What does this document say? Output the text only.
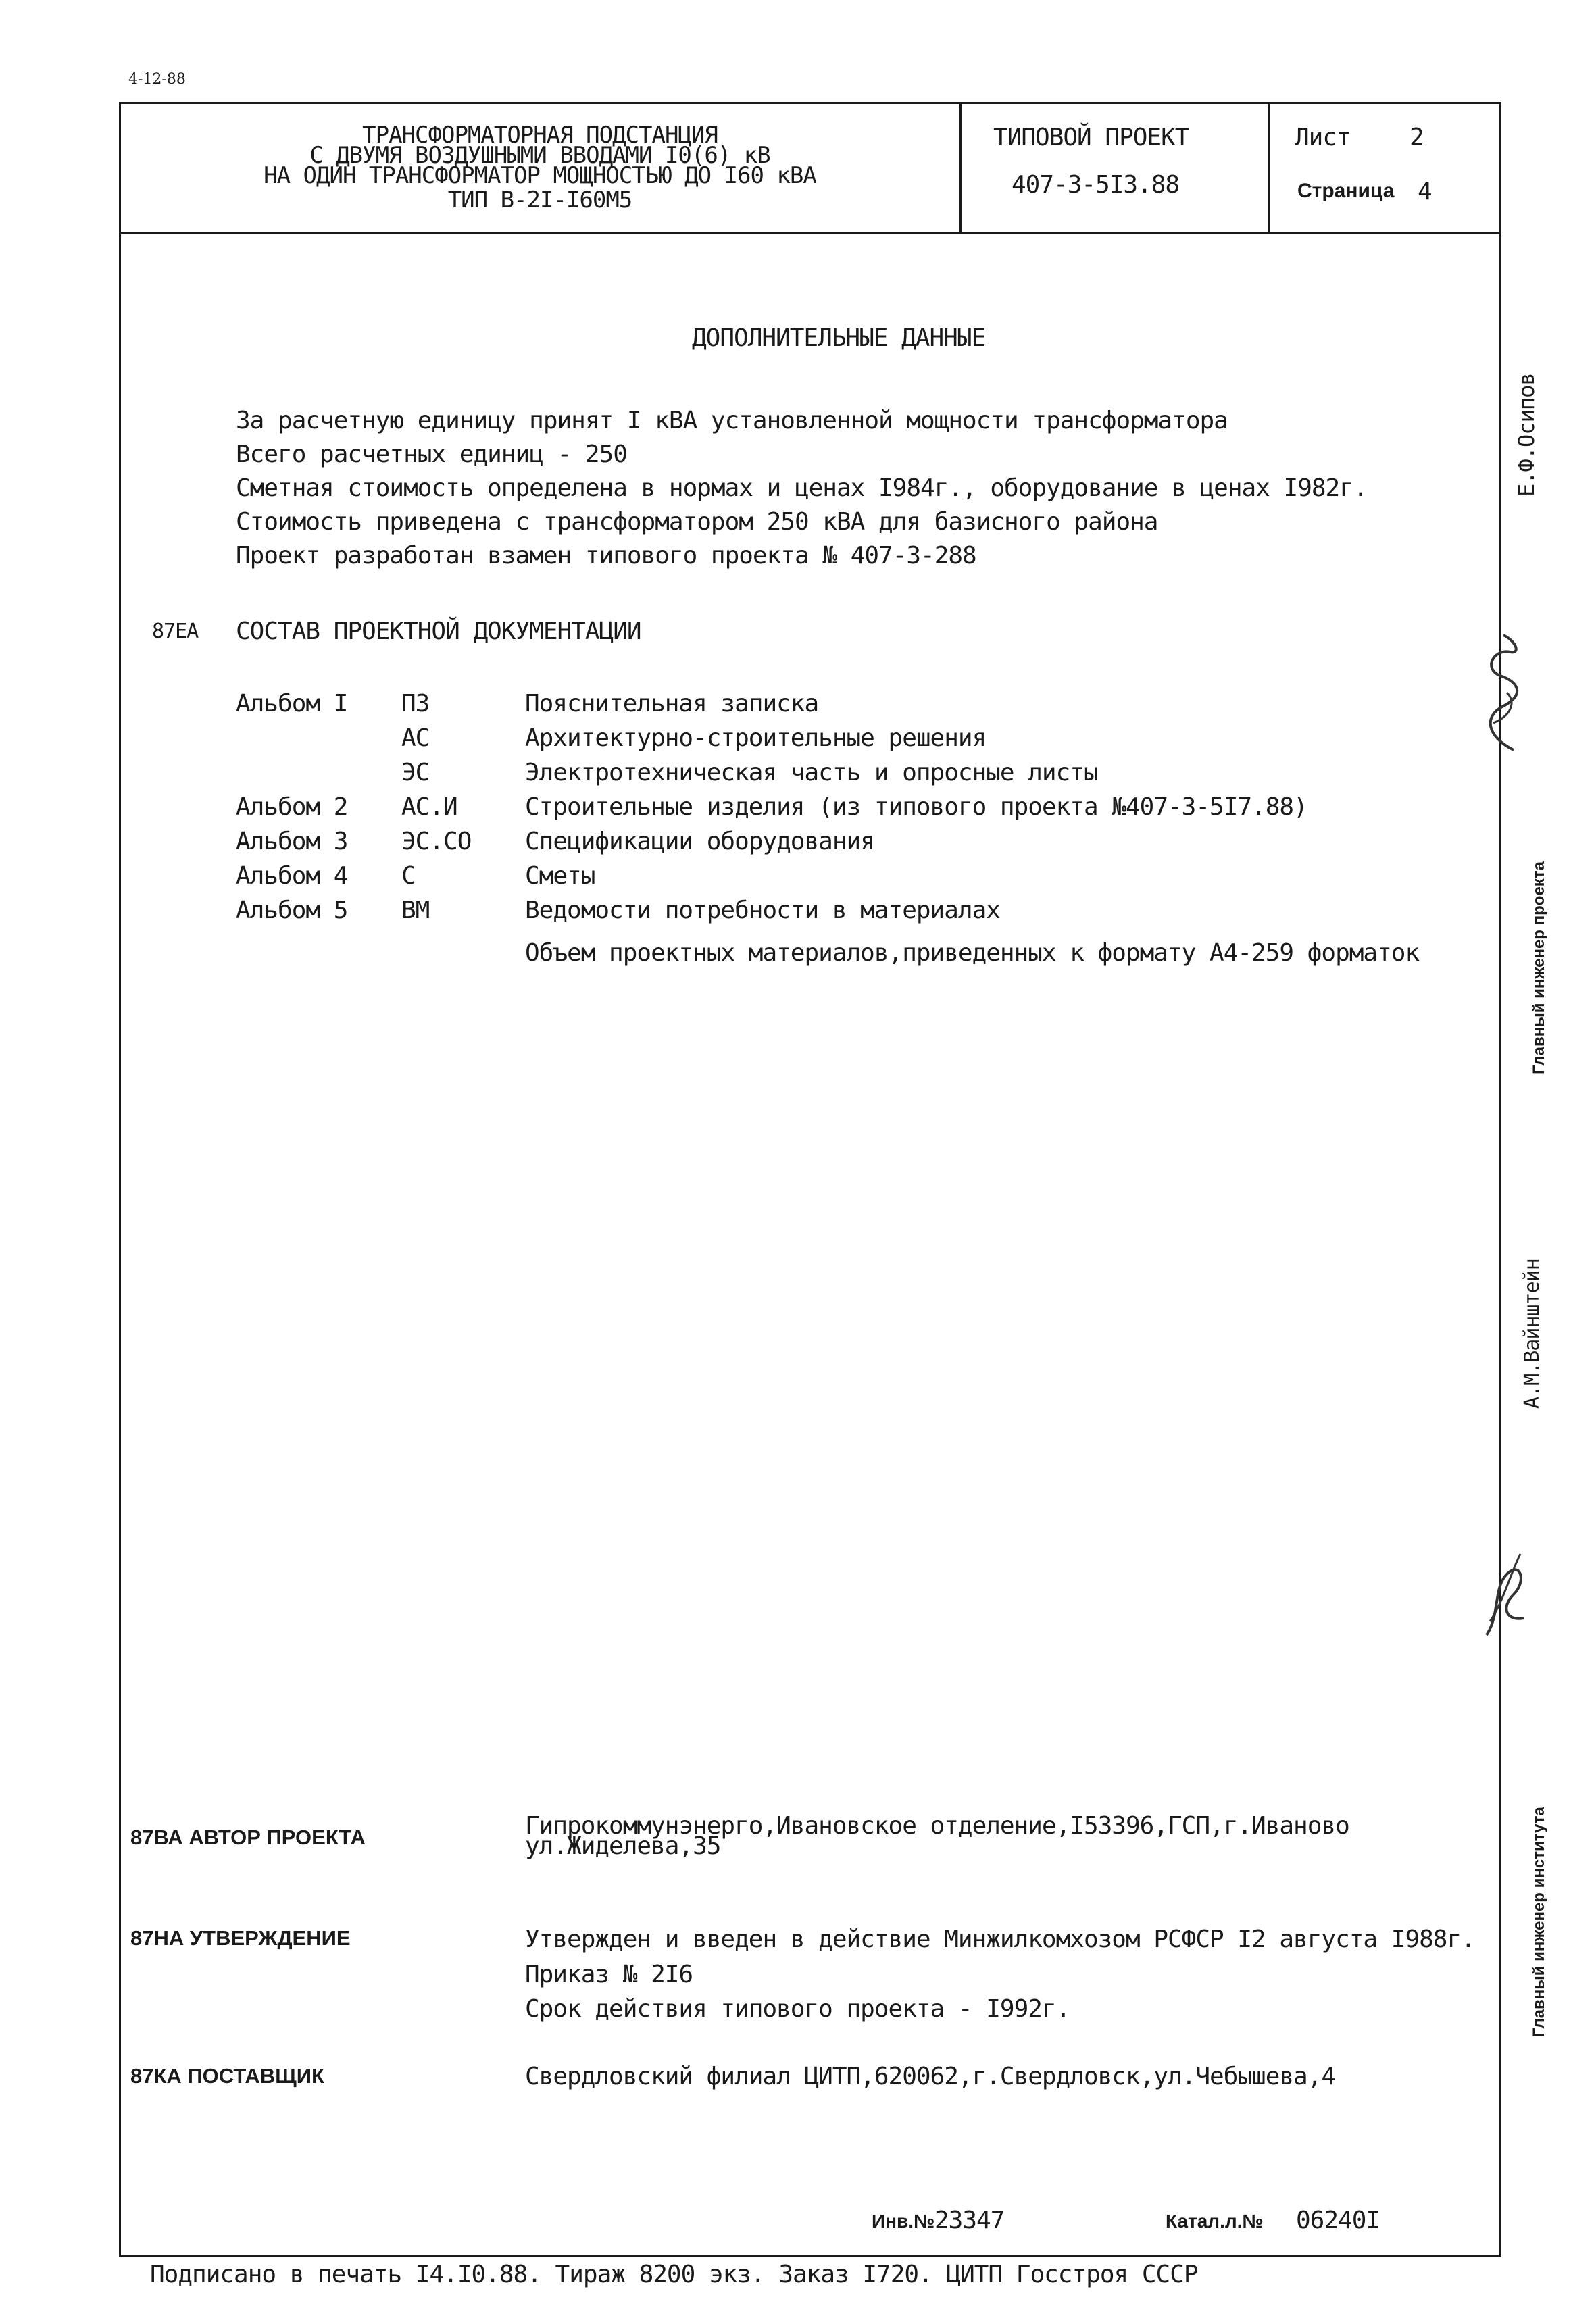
4-12-88
ТРАНСФОРМАТОРНАЯ ПОДСТАНЦИЯ
С ДВУМЯ ВОЗДУШНЫМИ ВВОДАМИ I0(6) кВ
НА ОДИН ТРАНСФОРМАТОР МОЩНОСТЬЮ ДО I60 кВА
ТИП В-2I-I60М5
ТИПОВОЙ ПРОЕКТ
407-3-5I3.88
Лист 2
Страница 4
ДОПОЛНИТЕЛЬНЫЕ ДАННЫЕ
За расчетную единицу принят I кВА установленной мощности трансформатора
Всего расчетных единиц - 250
Сметная стоимость определена в нормах и ценах I984г., оборудование в ценах I982г.
Стоимость приведена с трансформатором 250 кВА для базисного района
Проект разработан взамен типового проекта № 407-3-288
87ЕА СОСТАВ ПРОЕКТНОЙ ДОКУМЕНТАЦИИ
Альбом I ПЗ	Пояснительная записка
АС	Архитектурно-строительные решения
ЭС	Электротехническая часть и опросные листы
Альбом 2 АС.И	Строительные изделия (из типового проекта №407-3-5I7.88)
Альбом 3 ЭС.СО Спецификации оборудования
Альбом 4 С	Сметы
Альбом 5 ВМ	Ведомости потребности в материалах
Объем проектных материалов,приведенных к формату А4-259 форматок
87ВА АВТОР ПРОЕКТА	Гипрокоммунэнерго,Ивановское отделение,I53396,ГСП,г.Иваново
ул.Жиделева,35
87НА УТВЕРЖДЕНИЕ	Утвержден и введен в действие Минжилкомхозом РСФСР I2 августа I988г.
Приказ № 2I6
Срок действия типового проекта - I992г.
87КА ПОСТАВЩИК	Свердловский филиал ЦИТП,620062,г.Свердловск,ул.Чебышева,4
Инв.№ 23347	Катал.л.№ 06240I
Подписано в печать I4.I0.88. Тираж 8200 экз. Заказ I720. ЦИТП Госстроя СССР
Главный инженер проекта
Е.Ф.Осипов
А.М.Вайнштейн
Главный инженер института
